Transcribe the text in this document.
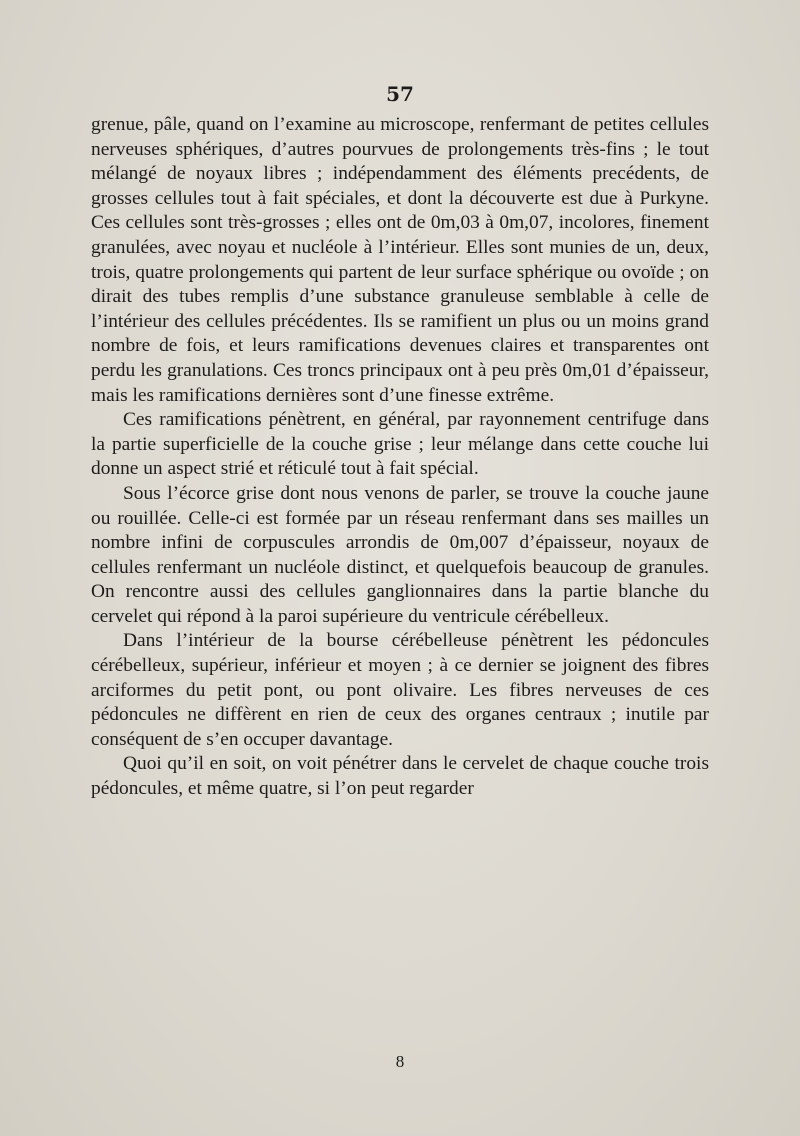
57

grenue, pâle, quand on l’examine au microscope, renfermant de petites cellules nerveuses sphériques, d’autres pourvues de prolongements très-fins ; le tout mélangé de noyaux libres ; indépendamment des éléments precédents, de grosses cellules tout à fait spéciales, et dont la découverte est due à Purkyne. Ces cellules sont très-grosses ; elles ont de 0m,03 à 0m,07, incolores, finement granulées, avec noyau et nucléole à l’intérieur. Elles sont munies de un, deux, trois, quatre prolongements qui partent de leur surface sphérique ou ovoïde ; on dirait des tubes remplis d’une substance granuleuse semblable à celle de l’intérieur des cellules précédentes. Ils se ramifient un plus ou un moins grand nombre de fois, et leurs ramifications devenues claires et transparentes ont perdu les granulations. Ces troncs principaux ont à peu près 0m,01 d’épaisseur, mais les ramifications dernières sont d’une finesse extrême.

Ces ramifications pénètrent, en général, par rayonnement centrifuge dans la partie superficielle de la couche grise ; leur mélange dans cette couche lui donne un aspect strié et réticulé tout à fait spécial.

Sous l’écorce grise dont nous venons de parler, se trouve la couche jaune ou rouillée. Celle-ci est formée par un réseau renfermant dans ses mailles un nombre infini de corpuscules arrondis de 0m,007 d’épaisseur, noyaux de cellules renfermant un nucléole distinct, et quelquefois beaucoup de granules. On rencontre aussi des cellules ganglionnaires dans la partie blanche du cervelet qui répond à la paroi supérieure du ventricule cérébelleux.

Dans l’intérieur de la bourse cérébelleuse pénètrent les pédoncules cérébelleux, supérieur, inférieur et moyen ; à ce dernier se joignent des fibres arciformes du petit pont, ou pont olivaire. Les fibres nerveuses de ces pédoncules ne diffèrent en rien de ceux des organes centraux ; inutile par conséquent de s’en occuper davantage.

Quoi qu’il en soit, on voit pénétrer dans le cervelet de chaque couche trois pédoncules, et même quatre, si l’on peut regarder

8
